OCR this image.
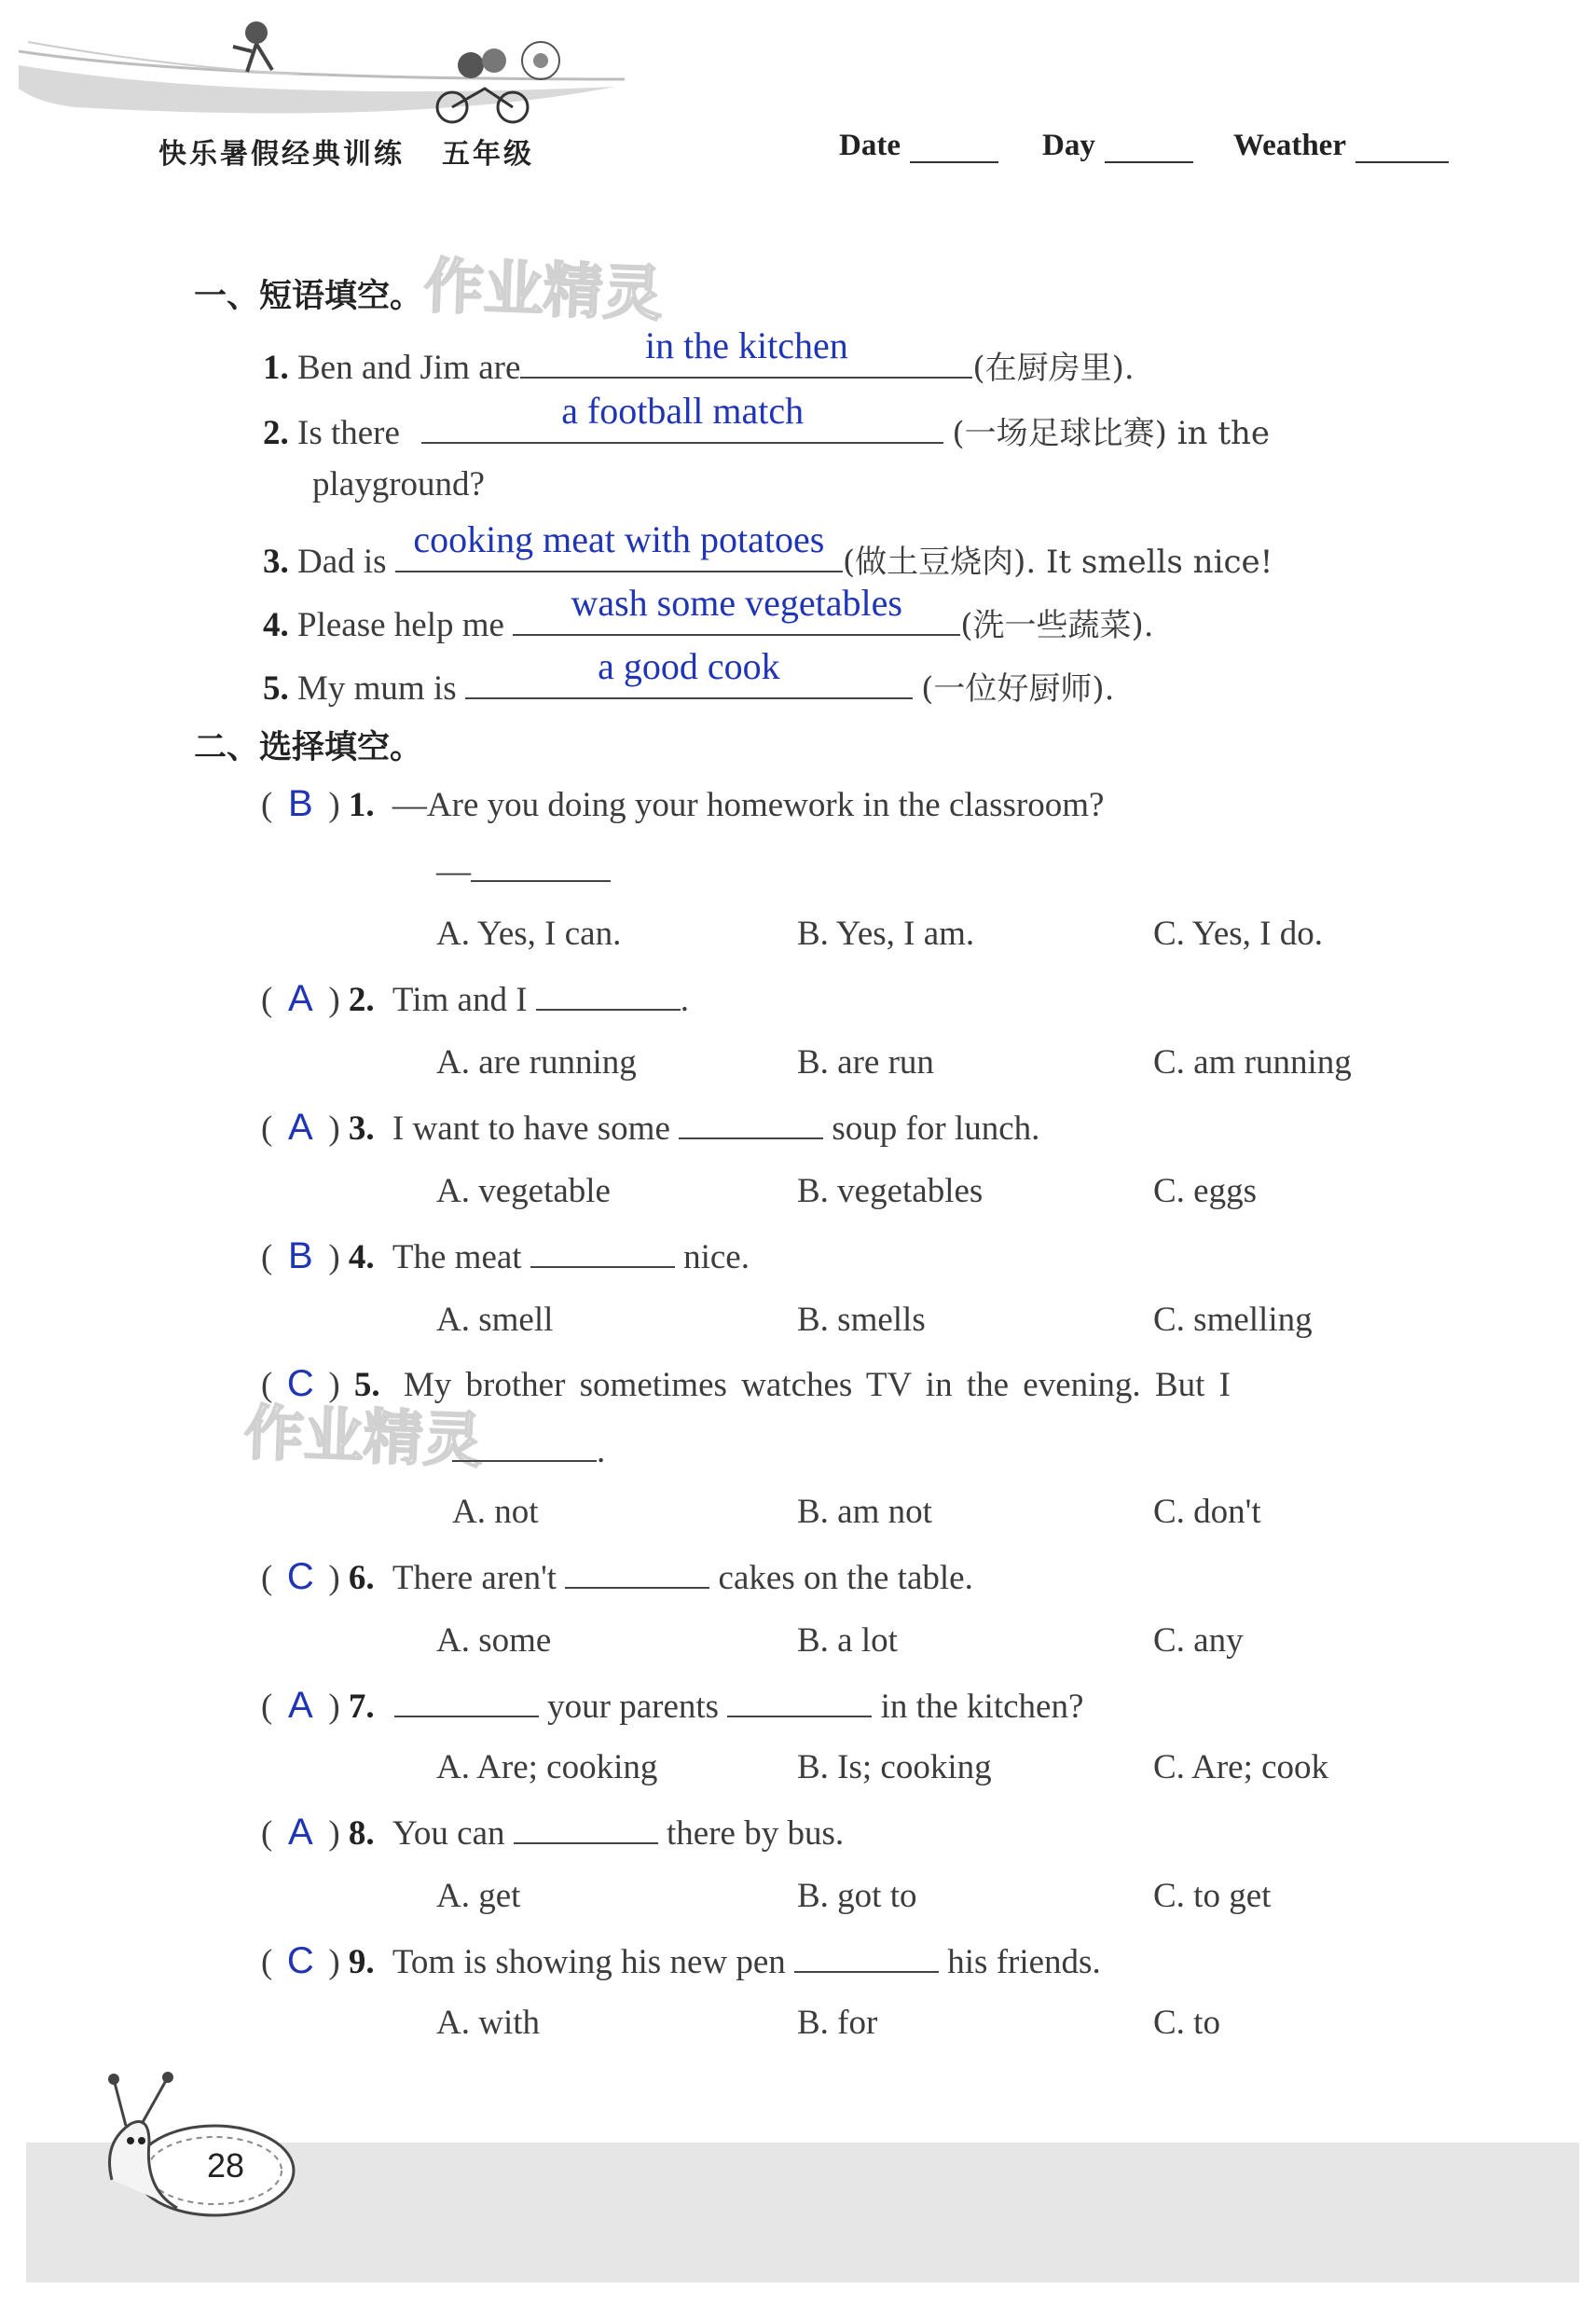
快乐暑假经典训练 五年级	Date	Day	Weather
作业精灵
作业精灵
一、短语填空。
1. Ben and Jim are
in the kitchen
(在厨房里).
2. Is there
a football match
(一场足球比赛) in the
playground?
3. Dad is
cooking meat with potatoes
(做土豆烧肉). It smells nice!
4. Please help me
wash some vegetables
(洗一些蔬菜).
5. My mum is
a good cook
(一位好厨师).
二、选择填空。
( B ) 1. —Are you doing your homework in the classroom?
—
A. Yes, I can.	B. Yes, I am.	C. Yes, I do.
( A ) 2. Tim and I	.
A. are running	B. are run	C. am running
( A ) 3. I want to have some	soup for lunch.
A. vegetable	B. vegetables	C. eggs
( B ) 4. The meat	nice.
A. smell	B. smells	C. smelling
( C ) 5. My brother sometimes watches TV in the evening. But I
.
A. not	B. am not	C. don't
( C ) 6. There aren't	cakes on the table.
A. some	B. a lot	C. any
( A ) 7.	your parents	in the kitchen?
A. Are; cooking	B. Is; cooking	C. Are; cook
( A ) 8. You can	there by bus.
A. get	B. got to	C. to get
( C ) 9. Tom is showing his new pen	his friends.
A. with	B. for	C. to
28
